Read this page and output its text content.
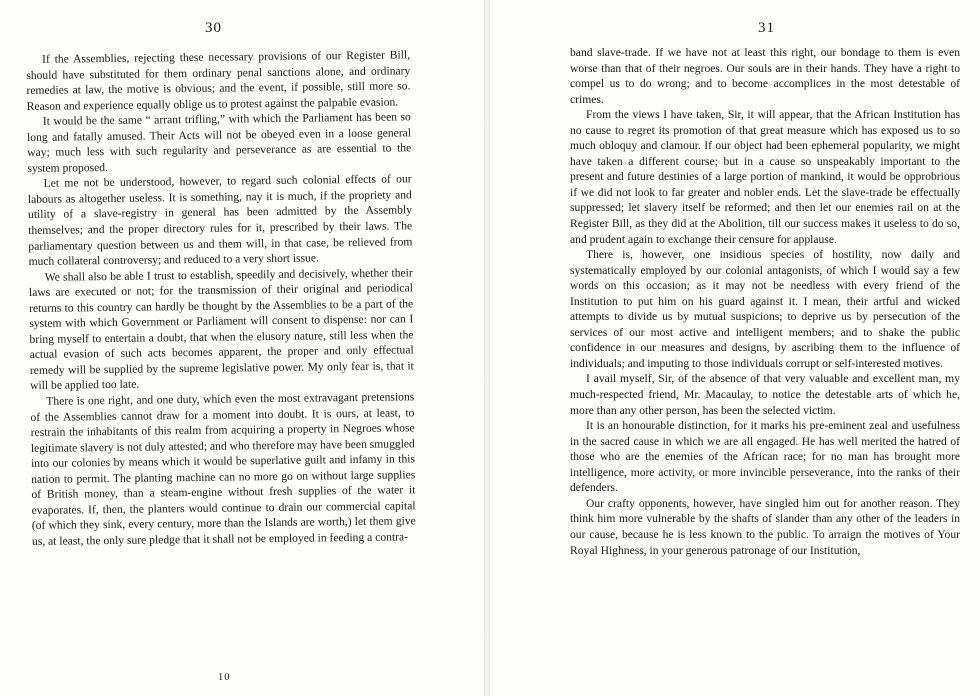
30

If the Assemblies, rejecting these necessary provisions of our Register Bill, should have substituted for them ordinary penal sanctions alone, and ordinary remedies at law, the motive is obvious; and the event, if possible, still more so. Reason and experience equally oblige us to protest against the palpable evasion.

It would be the same “ arrant trifling,” with which the Parliament has been so long and fatally amused. Their Acts will not be obeyed even in a loose general way; much less with such regularity and perseverance as are essential to the system proposed.

Let me not be understood, however, to regard such colonial effects of our labours as altogether useless. It is something, nay it is much, if the propriety and utility of a slave-registry in general has been admitted by the Assembly themselves; and the proper directory rules for it, prescribed by their laws. The parliamentary question between us and them will, in that case, be relieved from much collateral controversy; and reduced to a very short issue.

We shall also be able I trust to establish, speedily and decisively, whether their laws are executed or not; for the transmission of their original and periodical returns to this country can hardly be thought by the Assemblies to be a part of the system with which Government or Parliament will consent to dispense: nor can I bring myself to entertain a doubt, that when the elusory nature, still less when the actual evasion of such acts becomes apparent, the proper and only effectual remedy will be supplied by the supreme legislative power. My only fear is, that it will be applied too late.

There is one right, and one duty, which even the most extravagant pretensions of the Assemblies cannot draw for a moment into doubt. It is ours, at least, to restrain the inhabitants of this realm from acquiring a property in Negroes whose legitimate slavery is not duly attested; and who therefore may have been smuggled into our colonies by means which it would be superlative guilt and infamy in this nation to permit. The planting machine can no more go on without large supplies of British money, than a steam-engine without fresh supplies of the water it evaporates. If, then, the planters would continue to drain our commercial capital (of which they sink, every century, more than the Islands are worth,) let them give us, at least, the only sure pledge that it shall not be employed in feeding a contra-

10
31

band slave-trade. If we have not at least this right, our bondage to them is even worse than that of their negroes. Our souls are in their hands. They have a right to compel us to do wrong; and to become accomplices in the most detestable of crimes.

From the views I have taken, Sir, it will appear, that the African Institution has no cause to regret its promotion of that great measure which has exposed us to so much obloquy and clamour. If our object had been ephemeral popularity, we might have taken a different course; but in a cause so unspeakably important to the present and future destinies of a large portion of mankind, it would be opprobrious if we did not look to far greater and nobler ends. Let the slave-trade be effectually suppressed; let slavery itself be reformed; and then let our enemies rail on at the Register Bill, as they did at the Abolition, till our success makes it useless to do so, and prudent again to exchange their censure for applause.

There is, however, one insidious species of hostility, now daily and systematically employed by our colonial antagonists, of which I would say a few words on this occasion; as it may not be needless with every friend of the Institution to put him on his guard against it. I mean, their artful and wicked attempts to divide us by mutual suspicions; to deprive us by persecution of the services of our most active and intelligent members; and to shake the public confidence in our measures and designs, by ascribing them to the influence of individuals; and imputing to those individuals corrupt or self-interested motives.

I avail myself, Sir, of the absence of that very valuable and excellent man, my much-respected friend, Mr. Macaulay, to notice the detestable arts of which he, more than any other person, has been the selected victim.

It is an honourable distinction, for it marks his pre-eminent zeal and usefulness in the sacred cause in which we are all engaged. He has well merited the hatred of those who are the enemies of the African race; for no man has brought more intelligence, more activity, or more invincible perseverance, into the ranks of their defenders.

Our crafty opponents, however, have singled him out for another reason. They think him more vulnerable by the shafts of slander than any other of the leaders in our cause, because he is less known to the public. To arraign the motives of Your Royal Highness, in your generous patronage of our Institution,
